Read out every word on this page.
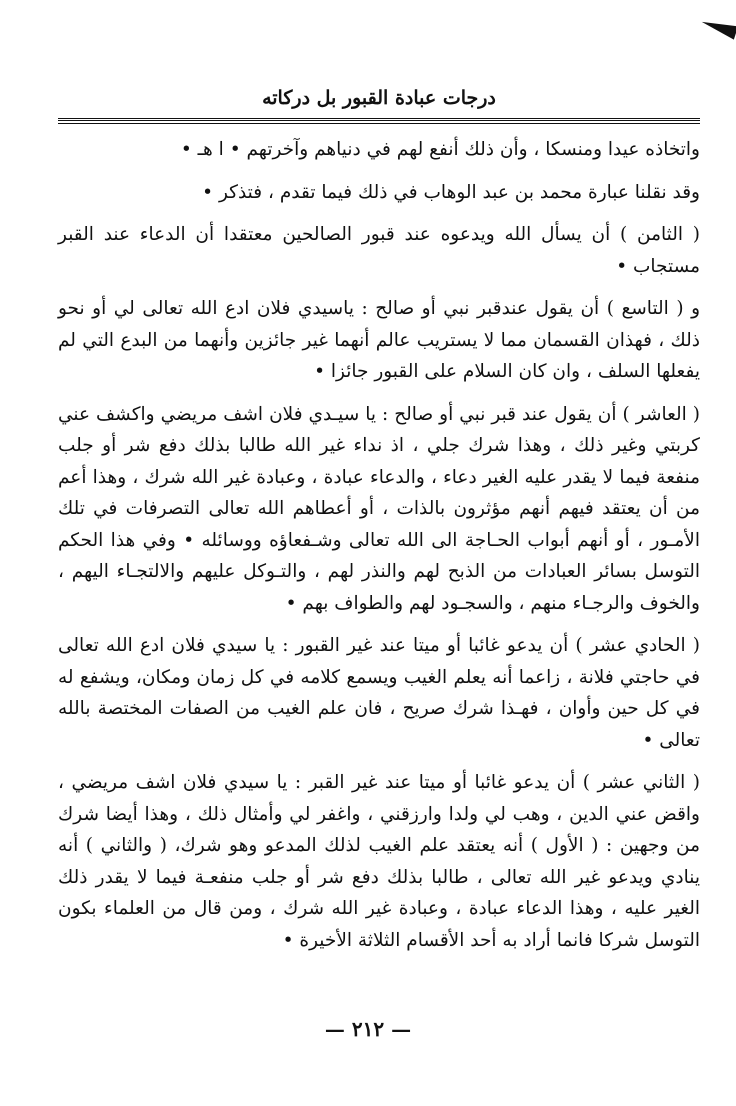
درجات عبادة القبور بل دركاته

واتخاذه عيدا ومنسكا ، وأن ذلك أنفع لهم في دنياهم وآخرتهم • ا هـ •

وقد نقلنا عبارة محمد بن عبد الوهاب في ذلك فيما تقدم ، فتذكر •

( الثامن ) أن يسأل الله ويدعوه عند قبور الصالحين معتقدا أن الدعاء عند القبر مستجاب •

و ( التاسع ) أن يقول عندقبر نبي أو صالح : ياسيدي فلان ادع الله تعالى لي أو نحو ذلك ، فهذان القسمان مما لا يستريب عالم أنهما غير جائزين وأنهما من البدع التي لم يفعلها السلف ، وان كان السلام على القبور جائزا •

( العاشر ) أن يقول عند قبر نبي أو صالح : يا سيـدي فلان اشف مريضي واكشف عني كربتي وغير ذلك ، وهذا شرك جلي ، اذ نداء غير الله طالبا بذلك دفع شر أو جلب منفعة فيما لا يقدر عليه الغير دعاء ، والدعاء عبادة ، وعبادة غير الله شرك ، وهذا أعم من أن يعتقد فيهم أنهم مؤثرون بالذات ، أو أعطاهم الله تعالى التصرفات في تلك الأمـور ، أو أنهم أبواب الحـاجة الى الله تعالى وشـفعاؤه ووسائله • وفي هذا الحكم التوسل بسائر العبادات من الذبح لهم والنذر لهم ، والتـوكل عليهم والالتجـاء اليهم ، والخوف والرجـاء منهم ، والسجـود لهم والطواف بهم •

( الحادي عشر ) أن يدعو غائبا أو ميتا عند غير القبور : يا سيدي فلان ادع الله تعالى في حاجتي فلانة ، زاعما أنه يعلم الغيب ويسمع كلامه في كل زمان ومكان، ويشفع له في كل حين وأوان ، فهـذا شرك صريح ، فان علم الغيب من الصفات المختصة بالله تعالى •

( الثاني عشر ) أن يدعو غائبا أو ميتا عند غير القبر : يا سيدي فلان اشف مريضي ، واقض عني الدين ، وهب لي ولدا وارزقني ، واغفر لي وأمثال ذلك ، وهذا أيضا شرك من وجهين : ( الأول ) أنه يعتقد علم الغيب لذلك المدعو وهو شرك، ( والثاني ) أنه ينادي ويدعو غير الله تعالى ، طالبا بذلك دفع شر أو جلب منفعـة فيما لا يقدر ذلك الغير عليه ، وهذا الدعاء عبادة ، وعبادة غير الله شرك ، ومن قال من العلماء بكون التوسل شركا فانما أراد به أحد الأقسام الثلاثة الأخيرة •

— ٢١٢ —
